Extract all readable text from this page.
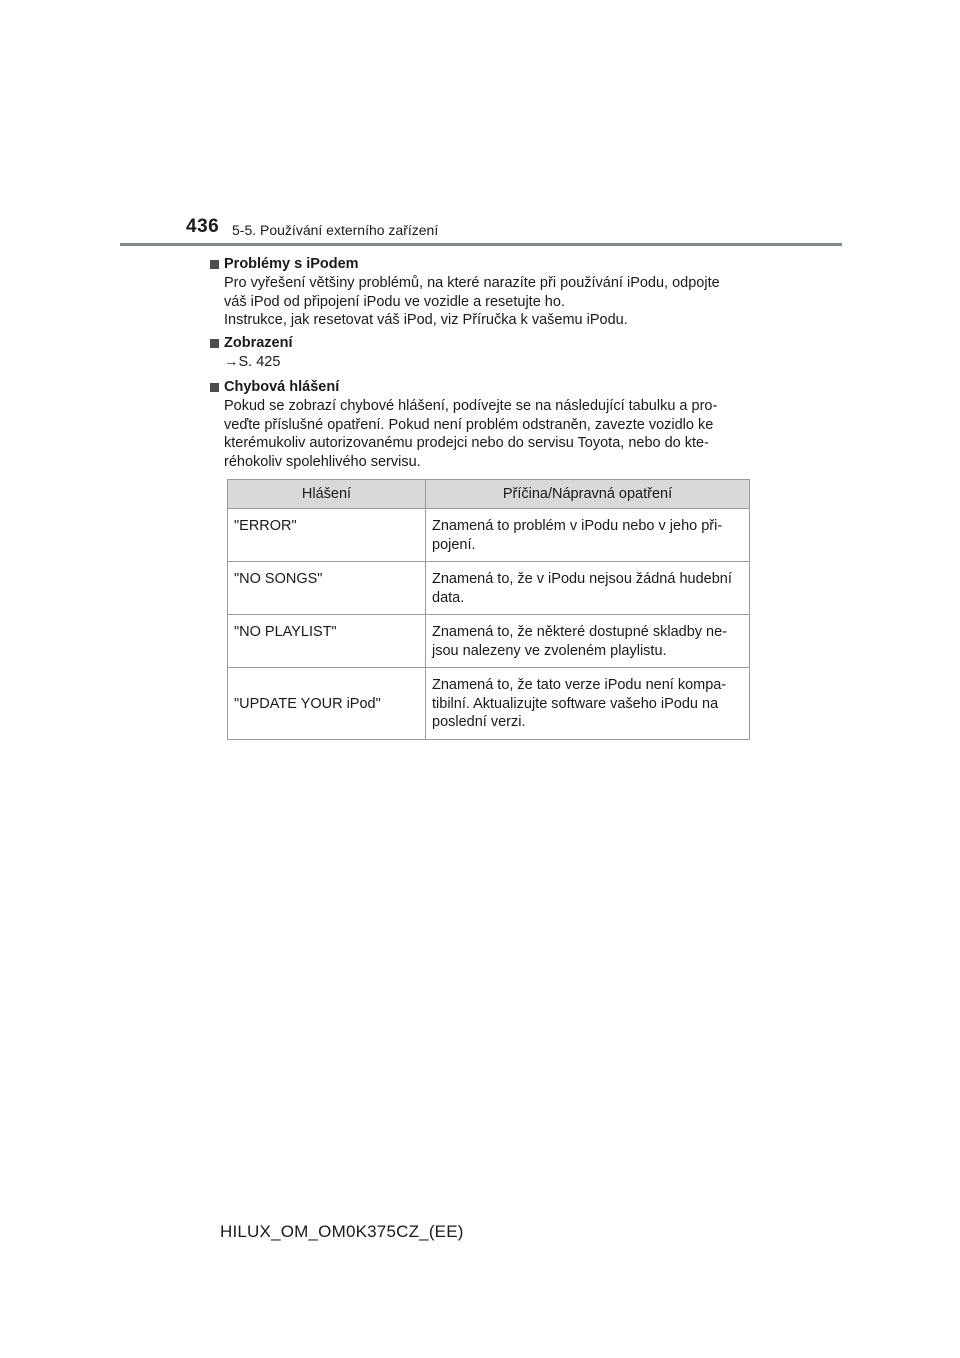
436 5-5. Používání externího zařízení

Problémy s iPodem

Pro vyřešení většiny problémů, na které narazíte při používání iPodu, odpojte
váš iPod od připojení iPodu ve vozidle a resetujte ho.
Instrukce, jak resetovat váš iPod, viz Příručka k vašemu iPodu.

Zobrazení

→S. 425

Chybová hlášení

Pokud se zobrazí chybové hlášení, podívejte se na následující tabulku a pro-
veďte příslušné opatření. Pokud není problém odstraněn, zavezte vozidlo ke
kterémukoliv autorizovanému prodejci nebo do servisu Toyota, nebo do kte-
réhokoliv spolehlivého servisu.

Hlášení	Příčina/Nápravná opatření
"ERROR"	Znamená to problém v iPodu nebo v jeho při-
pojení.

"NO SONGS"	Znamená to, že v iPodu nejsou žádná hudební
data.

"NO PLAYLIST"	Znamená to, že některé dostupné skladby ne-
jsou nalezeny ve zvoleném playlistu.

"UPDATE YOUR iPod"	Znamená to, že tato verze iPodu není kompa-
tibilní. Aktualizujte software vašeho iPodu na
poslední verzi.
HILUX_OM_OM0K375CZ_(EE)
